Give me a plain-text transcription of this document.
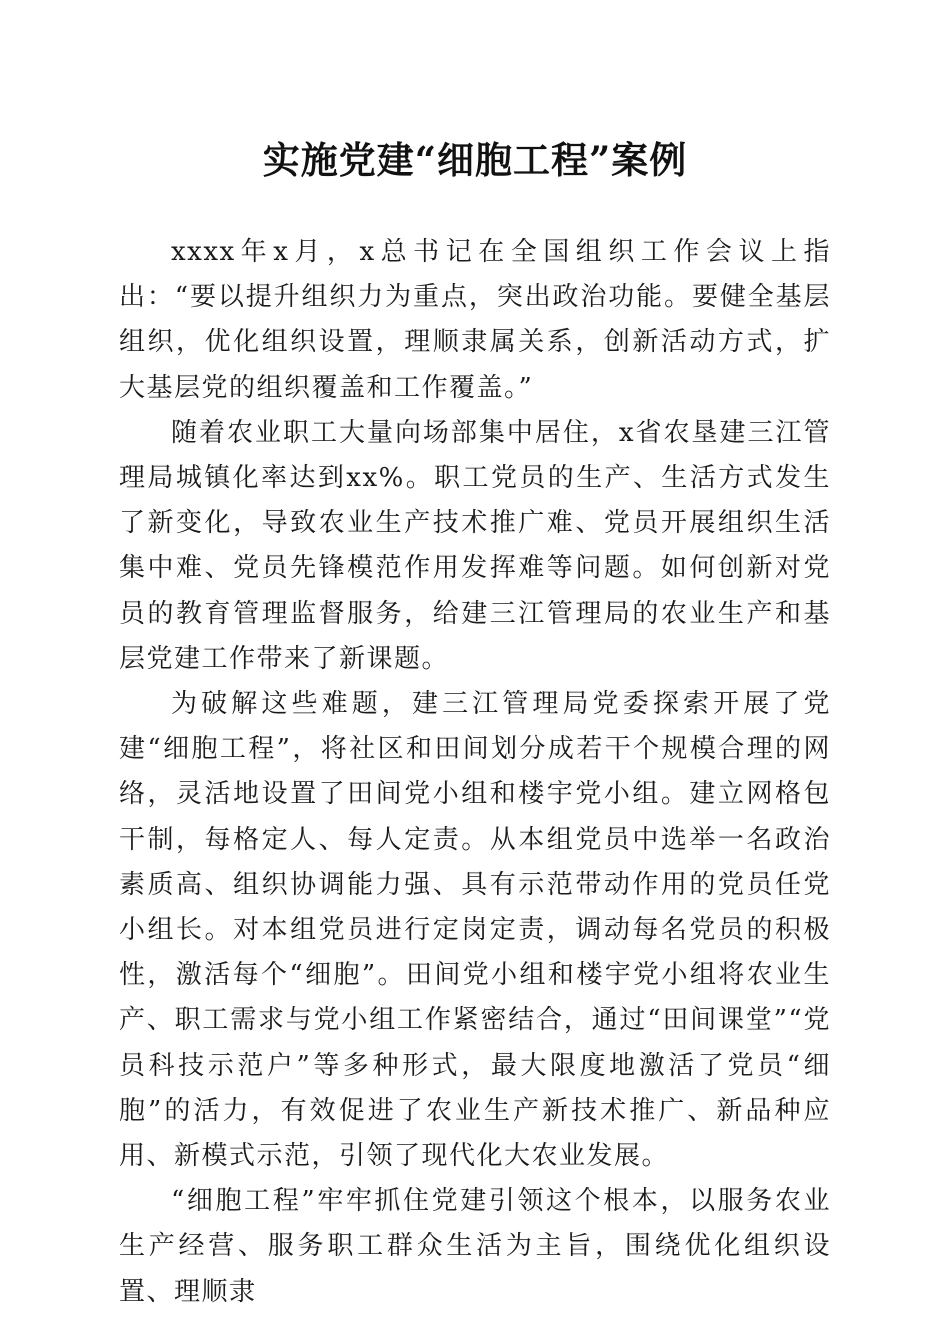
实施党建“细胞工程”案例

xxxx年x月，x总书记在全国组织工作会议上指出：“要以提升组织力为重点，突出政治功能。要健全基层组织，优化组织设置，理顺隶属关系，创新活动方式，扩大基层党的组织覆盖和工作覆盖。”

随着农业职工大量向场部集中居住，x省农垦建三江管理局城镇化率达到xx%。职工党员的生产、生活方式发生了新变化，导致农业生产技术推广难、党员开展组织生活集中难、党员先锋模范作用发挥难等问题。如何创新对党员的教育管理监督服务，给建三江管理局的农业生产和基层党建工作带来了新课题。

为破解这些难题，建三江管理局党委探索开展了党建“细胞工程”，将社区和田间划分成若干个规模合理的网络，灵活地设置了田间党小组和楼宇党小组。建立网格包干制，每格定人、每人定责。从本组党员中选举一名政治素质高、组织协调能力强、具有示范带动作用的党员任党小组长。对本组党员进行定岗定责，调动每名党员的积极性，激活每个“细胞”。田间党小组和楼宇党小组将农业生产、职工需求与党小组工作紧密结合，通过“田间课堂”“党员科技示范户”等多种形式，最大限度地激活了党员“细胞”的活力，有效促进了农业生产新技术推广、新品种应用、新模式示范，引领了现代化大农业发展。

“细胞工程”牢牢抓住党建引领这个根本，以服务农业生产经营、服务职工群众生活为主旨，围绕优化组织设置、理顺隶
